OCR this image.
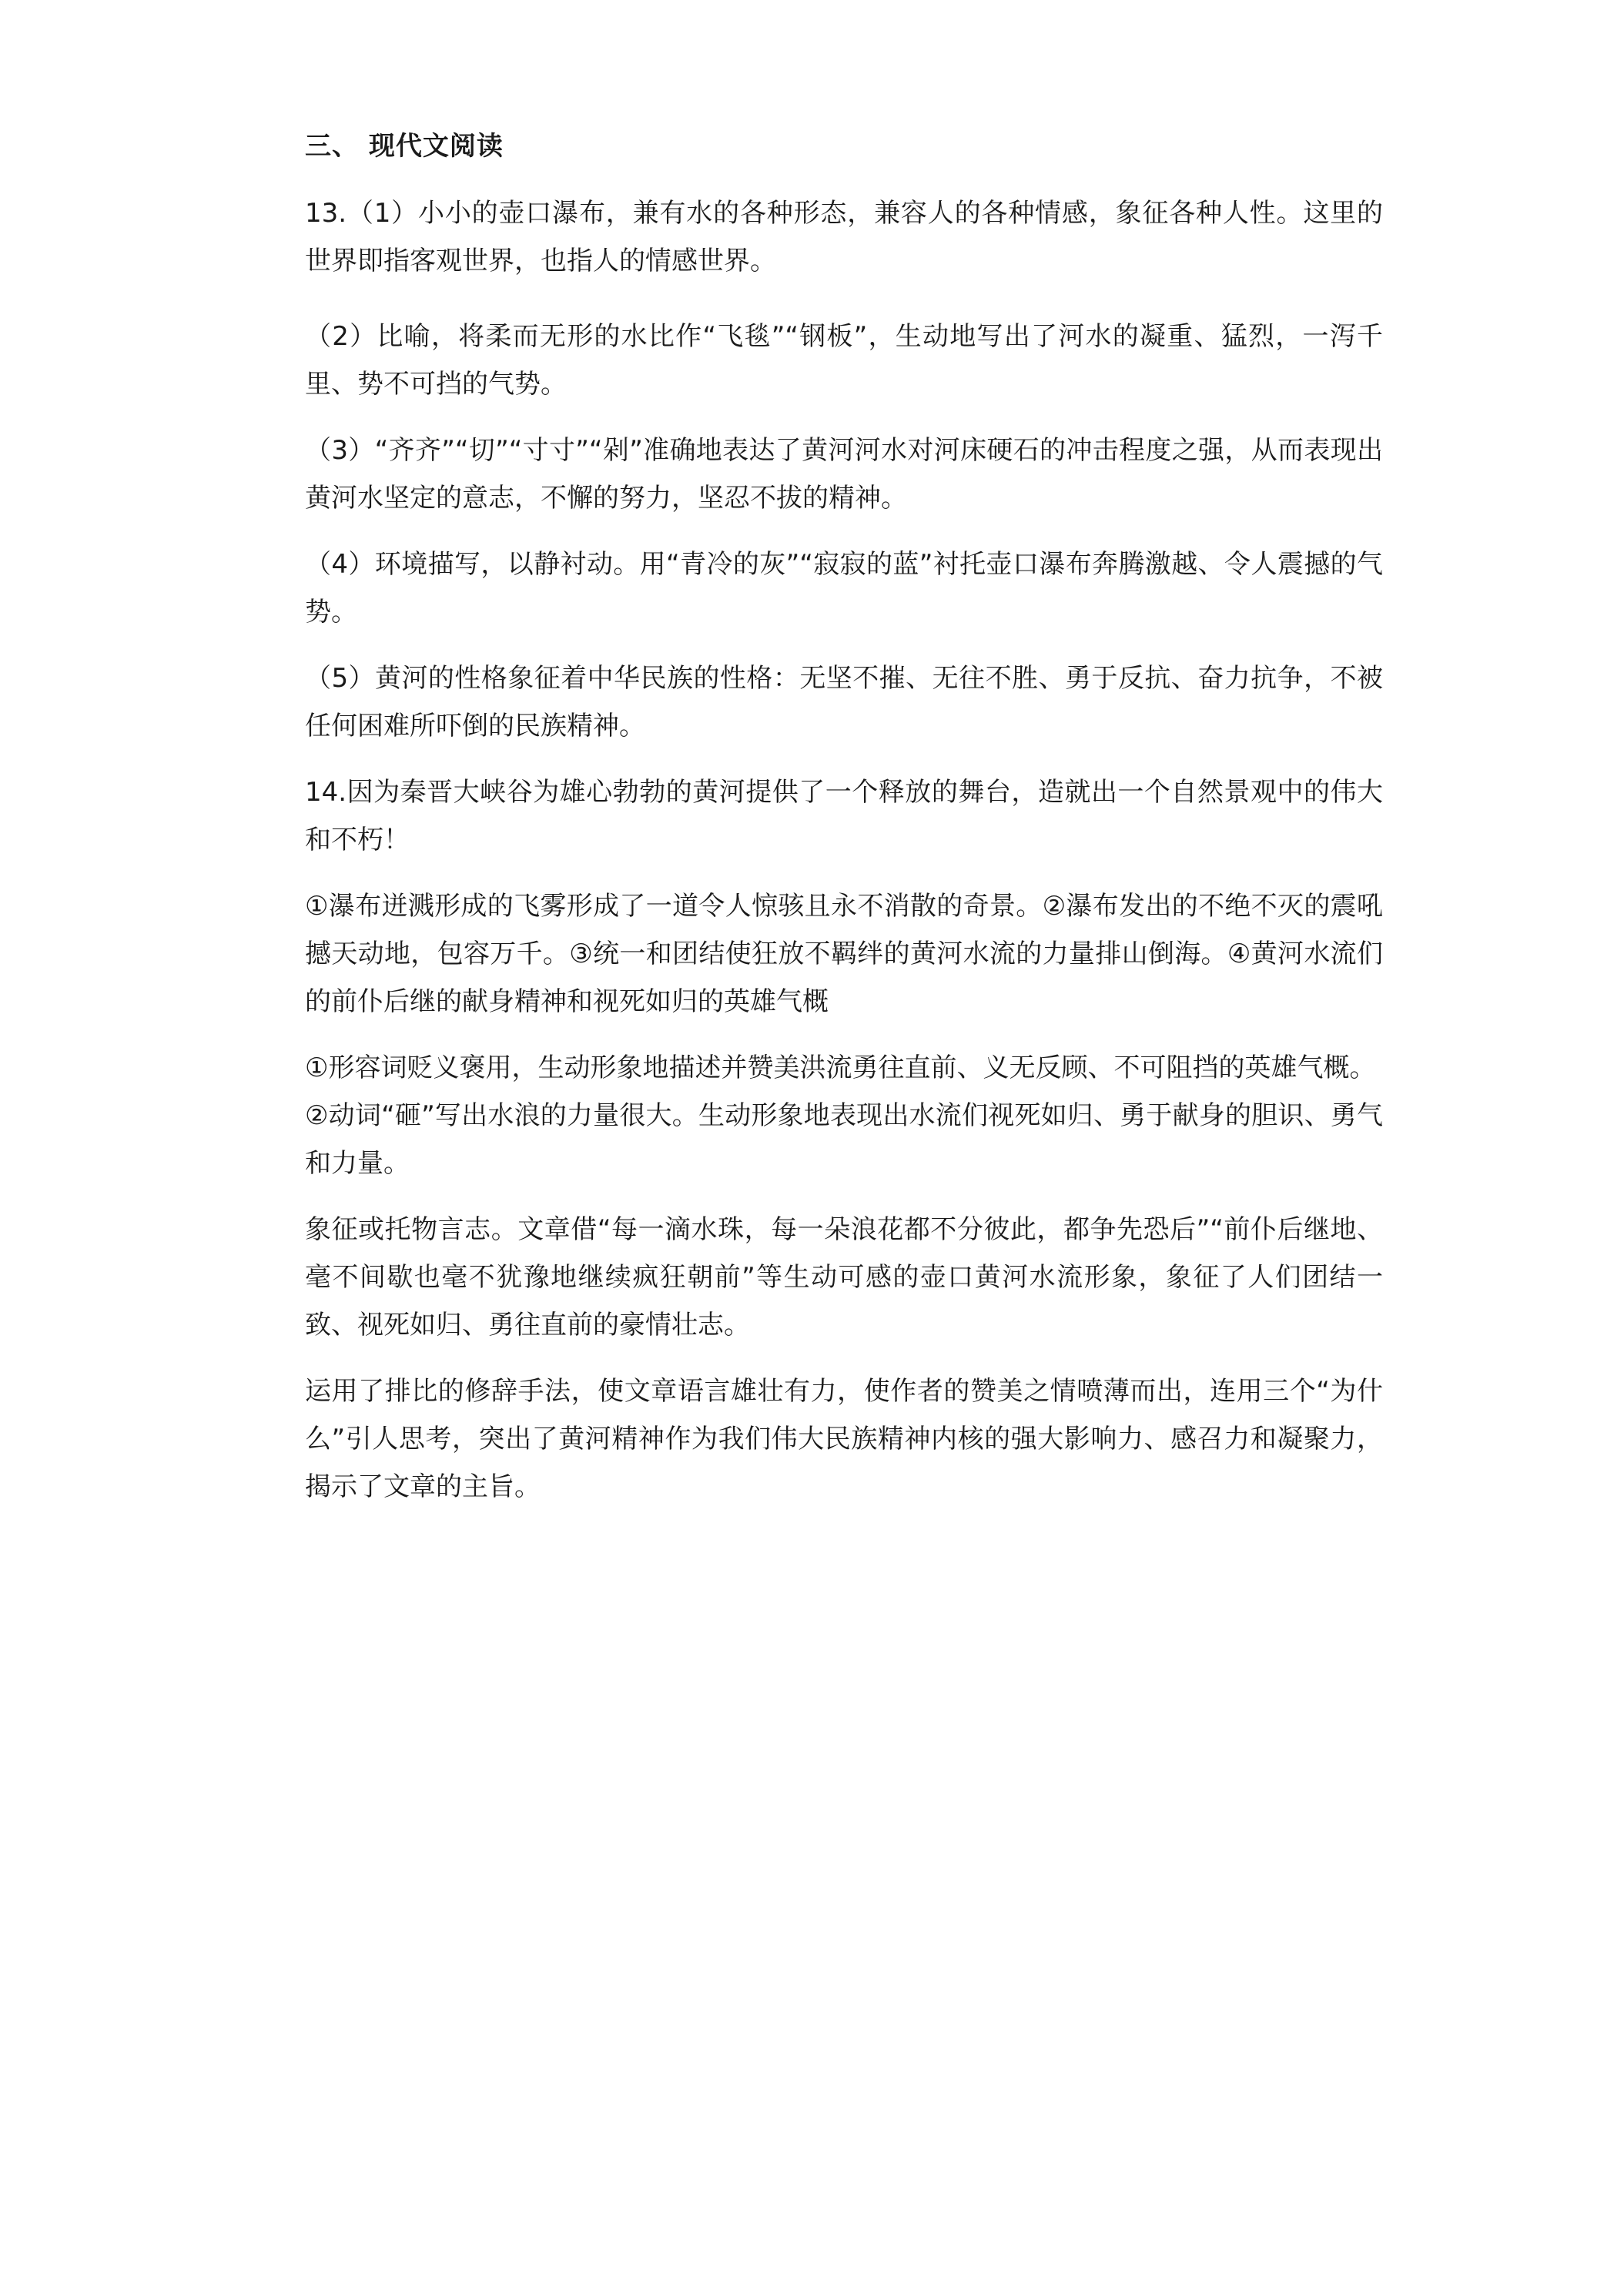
三、 现代文阅读

13.（1）小小的壶口瀑布，兼有水的各种形态，兼容人的各种情感，象征各种人性。这里的世界即指客观世界，也指人的情感世界。

（2）比喻，将柔而无形的水比作“飞毯”“钢板”，生动地写出了河水的凝重、猛烈，一泻千里、势不可挡的气势。

（3）“齐齐”“切”“寸寸”“剁”准确地表达了黄河河水对河床硬石的冲击程度之强，从而表现出黄河水坚定的意志，不懈的努力，坚忍不拔的精神。

（4）环境描写，以静衬动。用“青冷的灰”“寂寂的蓝”衬托壶口瀑布奔腾激越、令人震撼的气势。

（5）黄河的性格象征着中华民族的性格：无坚不摧、无往不胜、勇于反抗、奋力抗争，不被任何困难所吓倒的民族精神。

14.因为秦晋大峡谷为雄心勃勃的黄河提供了一个释放的舞台，造就出一个自然景观中的伟大和不朽！

①瀑布迸溅形成的飞雾形成了一道令人惊骇且永不消散的奇景。②瀑布发出的不绝不灭的震吼撼天动地，包容万千。③统一和团结使狂放不羁绊的黄河水流的力量排山倒海。④黄河水流们的前仆后继的献身精神和视死如归的英雄气概

①形容词贬义褒用，生动形象地描述并赞美洪流勇往直前、义无反顾、不可阻挡的英雄气概。

②动词“砸”写出水浪的力量很大。生动形象地表现出水流们视死如归、勇于献身的胆识、勇气和力量。

象征或托物言志。文章借“每一滴水珠，每一朵浪花都不分彼此，都争先恐后”“前仆后继地、毫不间歇也毫不犹豫地继续疯狂朝前”等生动可感的壶口黄河水流形象，象征了人们团结一致、视死如归、勇往直前的豪情壮志。

运用了排比的修辞手法，使文章语言雄壮有力，使作者的赞美之情喷薄而出，连用三个“为什么”引人思考，突出了黄河精神作为我们伟大民族精神内核的强大影响力、感召力和凝聚力，揭示了文章的主旨。
